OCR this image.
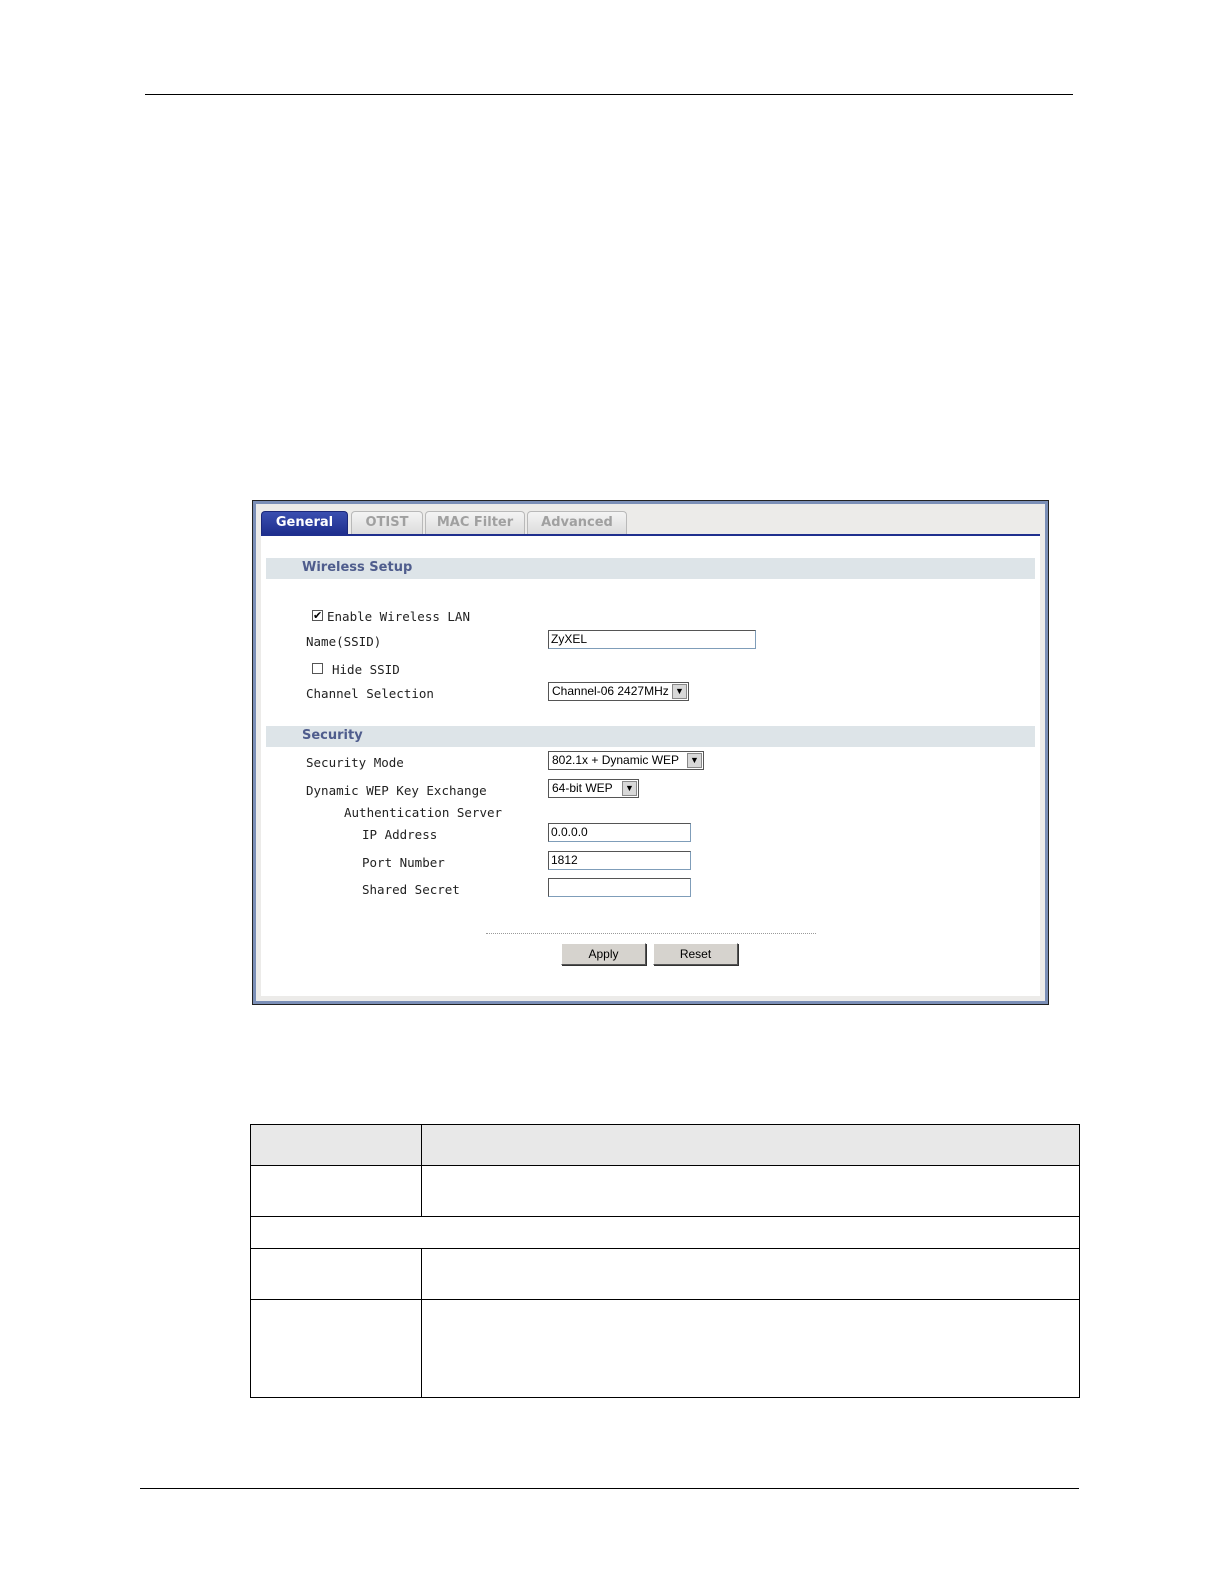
General	OTIST	MAC Filter	Advanced
Wireless Setup
✔ Enable Wireless LAN
Name(SSID)	ZyXEL
Hide SSID
Channel Selection	Channel-06 2427MHz ▼
Security
Security Mode	802.1x + Dynamic WEP	▼
Dynamic WEP Key Exchange	64-bit WEP	▼
Authentication Server
IP Address	0.0.0.0
Port Number	1812
Shared Secret
Apply	Reset
